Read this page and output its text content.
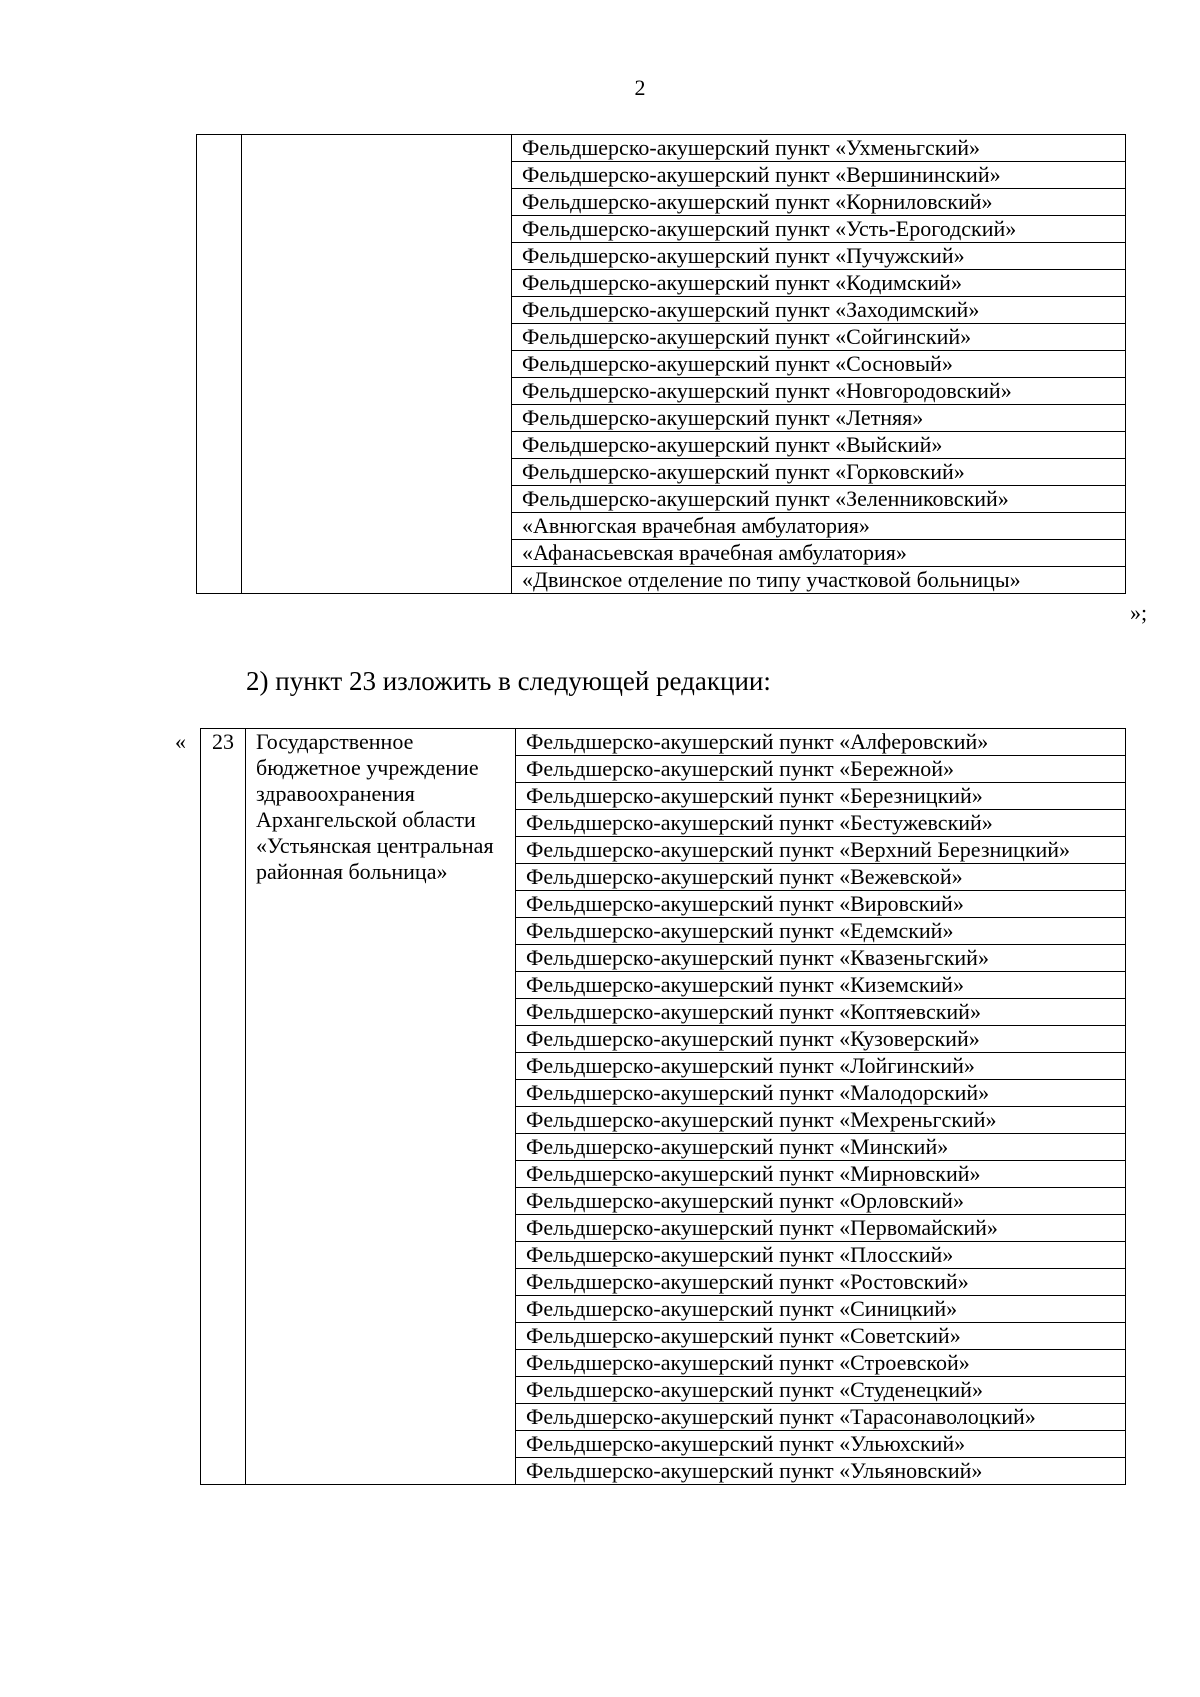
2
		Фельдшерско-акушерский пункт «Ухменьгский»
Фельдшерско-акушерский пункт «Вершининский»
Фельдшерско-акушерский пункт «Корниловский»
Фельдшерско-акушерский пункт «Усть-Ерогодский»
Фельдшерско-акушерский пункт «Пучужский»
Фельдшерско-акушерский пункт «Кодимский»
Фельдшерско-акушерский пункт «Заходимский»
Фельдшерско-акушерский пункт «Сойгинский»
Фельдшерско-акушерский пункт «Сосновый»
Фельдшерско-акушерский пункт «Новгородовский»
Фельдшерско-акушерский пункт «Летняя»
Фельдшерско-акушерский пункт «Выйский»
Фельдшерско-акушерский пункт «Горковский»
Фельдшерско-акушерский пункт «Зеленниковский»
«Авнюгская врачебная амбулатория»
«Афанасьевская врачебная амбулатория»
«Двинское отделение по типу участковой больницы»
»;
2) пункт 23 изложить в следующей редакции:
« 23	Государственное бюджетное учреждение здравоохранения Архангельской области «Устьянская центральная районная больница»	Фельдшерско-акушерский пункт «Алферовский»
Фельдшерско-акушерский пункт «Бережной»
Фельдшерско-акушерский пункт «Березницкий»
Фельдшерско-акушерский пункт «Бестужевский»
Фельдшерско-акушерский пункт «Верхний Березницкий»
Фельдшерско-акушерский пункт «Вежевской»
Фельдшерско-акушерский пункт «Вировский»
Фельдшерско-акушерский пункт «Едемский»
Фельдшерско-акушерский пункт «Квазеньгский»
Фельдшерско-акушерский пункт «Киземский»
Фельдшерско-акушерский пункт «Коптяевский»
Фельдшерско-акушерский пункт «Кузоверский»
Фельдшерско-акушерский пункт «Лойгинский»
Фельдшерско-акушерский пункт «Малодорский»
Фельдшерско-акушерский пункт «Мехреньгский»
Фельдшерско-акушерский пункт «Минский»
Фельдшерско-акушерский пункт «Мирновский»
Фельдшерско-акушерский пункт «Орловский»
Фельдшерско-акушерский пункт «Первомайский»
Фельдшерско-акушерский пункт «Плосский»
Фельдшерско-акушерский пункт «Ростовский»
Фельдшерско-акушерский пункт «Синицкий»
Фельдшерско-акушерский пункт «Советский»
Фельдшерско-акушерский пункт «Строевской»
Фельдшерско-акушерский пункт «Студенецкий»
Фельдшерско-акушерский пункт «Тарасонаволоцкий»
Фельдшерско-акушерский пункт «Ульюхский»
Фельдшерско-акушерский пункт «Ульяновский»
